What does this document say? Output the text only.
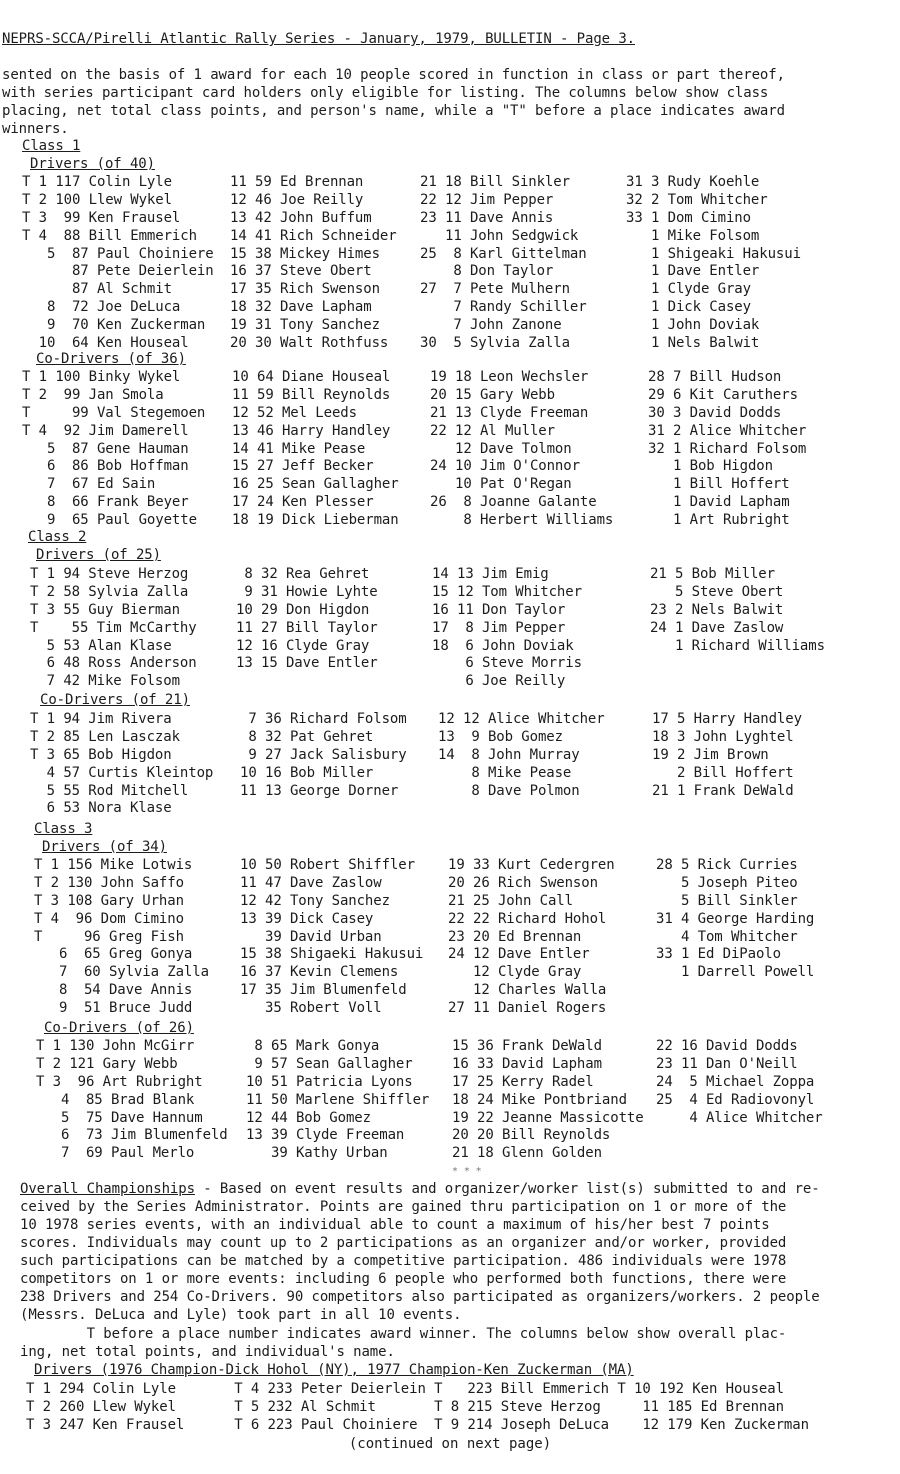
NEPRS-SCCA/Pirelli Atlantic Rally Series - January, 1979, BULLETIN - Page 3.
sented on the basis of 1 award for each 10 people scored in function in class or part thereof,
with series participant card holders only eligible for listing. The columns below show class
placing, net total class points, and person's name, while a "T" before a place indicates award
winners.
Class 1
Drivers (of 40)
T 1 117 Colin Lyle
T 2 100 Llew Wykel
T 3  99 Ken Frausel
T 4  88 Bill Emmerich
5  87 Paul Choiniere
87 Pete Deierlein
87 Al Schmit
8  72 Joe DeLuca
9  70 Ken Zuckerman
10  64 Ken Houseal
11 59 Ed Brennan
12 46 Joe Reilly
13 42 John Buffum
14 41 Rich Schneider
15 38 Mickey Himes
16 37 Steve Obert
17 35 Rich Swenson
18 32 Dave Lapham
19 31 Tony Sanchez
20 30 Walt Rothfuss
21 18 Bill Sinkler
22 12 Jim Pepper
23 11 Dave Annis
11 John Sedgwick
25  8 Karl Gittelman
8 Don Taylor
27  7 Pete Mulhern
7 Randy Schiller
7 John Zanone
30  5 Sylvia Zalla
31 3 Rudy Koehle
32 2 Tom Whitcher
33 1 Dom Cimino
1 Mike Folsom
1 Shigeaki Hakusui
1 Dave Entler
1 Clyde Gray
1 Dick Casey
1 John Doviak
1 Nels Balwit
Co-Drivers (of 36)
T 1 100 Binky Wykel
T 2  99 Jan Smola
T     99 Val Stegemoen
T 4  92 Jim Damerell
5  87 Gene Hauman
6  86 Bob Hoffman
7  67 Ed Sain
8  66 Frank Beyer
9  65 Paul Goyette
10 64 Diane Houseal
11 59 Bill Reynolds
12 52 Mel Leeds
13 46 Harry Handley
14 41 Mike Pease
15 27 Jeff Becker
16 25 Sean Gallagher
17 24 Ken Plesser
18 19 Dick Lieberman
19 18 Leon Wechsler
20 15 Gary Webb
21 13 Clyde Freeman
22 12 Al Muller
12 Dave Tolmon
24 10 Jim O'Connor
10 Pat O'Regan
26  8 Joanne Galante
8 Herbert Williams
28 7 Bill Hudson
29 6 Kit Caruthers
30 3 David Dodds
31 2 Alice Whitcher
32 1 Richard Folsom
1 Bob Higdon
1 Bill Hoffert
1 David Lapham
1 Art Rubright
Class 2
Drivers (of 25)
T 1 94 Steve Herzog
T 2 58 Sylvia Zalla
T 3 55 Guy Bierman
T    55 Tim McCarthy
5 53 Alan Klase
6 48 Ross Anderson
7 42 Mike Folsom
8 32 Rea Gehret
9 31 Howie Lyhte
10 29 Don Higdon
11 27 Bill Taylor
12 16 Clyde Gray
13 15 Dave Entler
14 13 Jim Emig
15 12 Tom Whitcher
16 11 Don Taylor
17  8 Jim Pepper
18  6 John Doviak
6 Steve Morris
6 Joe Reilly
21 5 Bob Miller
5 Steve Obert
23 2 Nels Balwit
24 1 Dave Zaslow
1 Richard Williams
Co-Drivers (of 21)
T 1 94 Jim Rivera
T 2 85 Len Lasczak
T 3 65 Bob Higdon
4 57 Curtis Kleintop
5 55 Rod Mitchell
6 53 Nora Klase
7 36 Richard Folsom
8 32 Pat Gehret
9 27 Jack Salisbury
10 16 Bob Miller
11 13 George Dorner
12 12 Alice Whitcher
13  9 Bob Gomez
14  8 John Murray
8 Mike Pease
8 Dave Polmon
17 5 Harry Handley
18 3 John Lyghtel
19 2 Jim Brown
2 Bill Hoffert
21 1 Frank DeWald
Class 3
Drivers (of 34)
T 1 156 Mike Lotwis
T 2 130 John Saffo
T 3 108 Gary Urhan
T 4  96 Dom Cimino
T     96 Greg Fish
6  65 Greg Gonya
7  60 Sylvia Zalla
8  54 Dave Annis
9  51 Bruce Judd
10 50 Robert Shiffler
11 47 Dave Zaslow
12 42 Tony Sanchez
13 39 Dick Casey
39 David Urban
15 38 Shigaeki Hakusui
16 37 Kevin Clemens
17 35 Jim Blumenfeld
35 Robert Voll
19 33 Kurt Cedergren
20 26 Rich Swenson
21 25 John Call
22 22 Richard Hohol
23 20 Ed Brennan
24 12 Dave Entler
12 Clyde Gray
12 Charles Walla
27 11 Daniel Rogers
28 5 Rick Curries
5 Joseph Piteo
5 Bill Sinkler
31 4 George Harding
4 Tom Whitcher
33 1 Ed DiPaolo
1 Darrell Powell
Co-Drivers (of 26)
T 1 130 John McGirr
T 2 121 Gary Webb
T 3  96 Art Rubright
4  85 Brad Blank
5  75 Dave Hannum
6  73 Jim Blumenfeld
7  69 Paul Merlo
8 65 Mark Gonya
9 57 Sean Gallagher
10 51 Patricia Lyons
11 50 Marlene Shiffler
12 44 Bob Gomez
13 39 Clyde Freeman
39 Kathy Urban
15 36 Frank DeWald
16 33 David Lapham
17 25 Kerry Radel
18 24 Mike Pontbriand
19 22 Jeanne Massicotte
20 20 Bill Reynolds
21 18 Glenn Golden
22 16 David Dodds
23 11 Dan O'Neill
24  5 Michael Zoppa
25  4 Ed Radiovonyl
4 Alice Whitcher
* * *
Overall Championships - Based on event results and organizer/worker list(s) submitted to and re-
ceived by the Series Administrator. Points are gained thru participation on 1 or more of the
10 1978 series events, with an individual able to count a maximum of his/her best 7 points
scores. Individuals may count up to 2 participations as an organizer and/or worker, provided
such participations can be matched by a competitive participation. 486 individuals were 1978
competitors on 1 or more events: including 6 people who performed both functions, there were
238 Drivers and 254 Co-Drivers. 90 competitors also participated as organizers/workers. 2 people
(Messrs. DeLuca and Lyle) took part in all 10 events.
T before a place number indicates award winner. The columns below show overall plac-
ing, net total points, and individual's name.
Drivers (1976 Champion-Dick Hohol (NY), 1977 Champion-Ken Zuckerman (MA)
T 1 294 Colin Lyle       T 4 233 Peter Deierlein T   223 Bill Emmerich T 10 192 Ken Houseal
T 2 260 Llew Wykel       T 5 232 Al Schmit       T 8 215 Steve Herzog     11 185 Ed Brennan
T 3 247 Ken Frausel      T 6 223 Paul Choiniere  T 9 214 Joseph DeLuca    12 179 Ken Zuckerman
(continued on next page)
